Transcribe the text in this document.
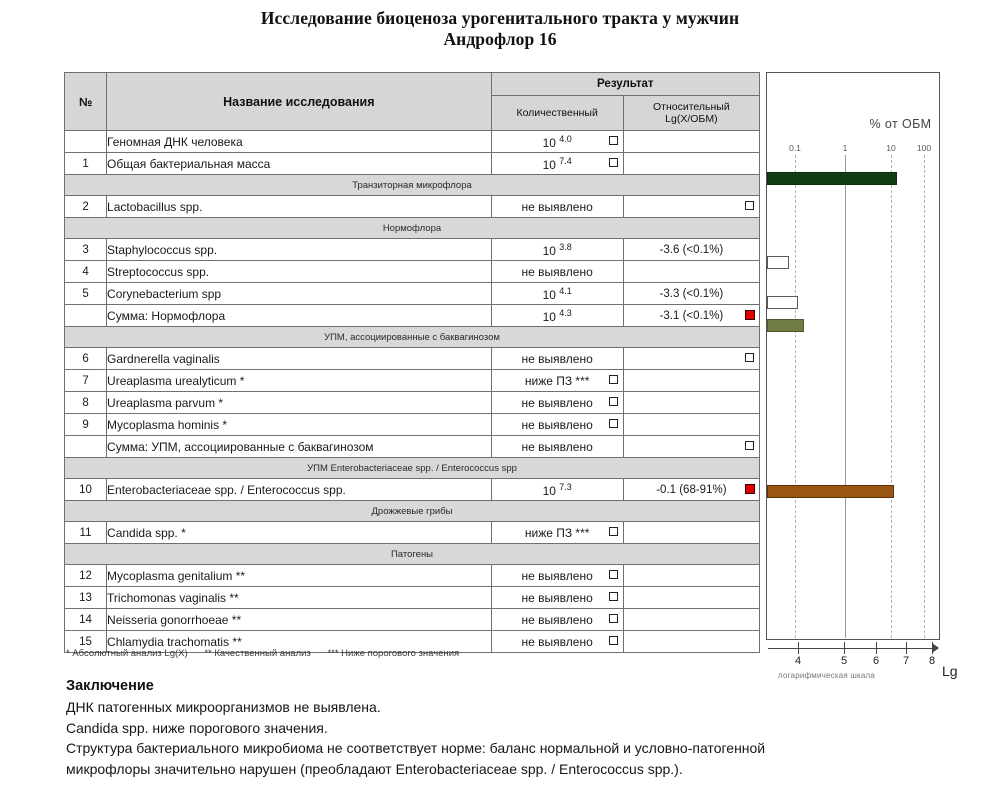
Исследование биоценоза урогенитального тракта у мужчин
Андрофлор 16
№	Название исследования	Результат	
		Количественный	Относительный
Lg(X/ОБМ)

	Геномная ДНК человека	10 $^{4.0}$

1	Общая бактериальная масса	10 $^{7.4}$

Транзиторная микрофлора			
2	Lactobacillus spp.	не выявлено	

Нормофлора			
3	Staphylococcus spp.	10 $^{3.8}$	-3.6 (<0.1%)

4	Streptococcus spp.	не выявлено	

5	Corynebacterium spp	10 $^{4.1}$	-3.3 (<0.1%)

	Сумма: Нормофлора	10 $^{4.3}$	-3.1 (<0.1%)

УПМ, ассоциированные с баквагинозом			
6	Gardnerella vaginalis	не выявлено	

7	Ureaplasma urealyticum *	ниже ПЗ ***	

8	Ureaplasma parvum *	не выявлено	

9	Mycoplasma hominis *	не выявлено	

	Сумма: УПМ, ассоциированные с баквагинозом	не выявлено	

УПМ Enterobacteriaceae spp. / Enterococcus spp			
10	Enterobacteriaceae spp. / Enterococcus spp.	10 $^{7.3}$	-0.1 (68-91%)

Дрожжевые грибы			
11	Candida spp. *	ниже ПЗ ***	

Патогены			
12	Mycoplasma genitalium **	не выявлено	

13	Trichomonas vaginalis **	не выявлено	

14	Neisseria gonorrhoeae **	не выявлено	

15	Chlamydia trachomatis **	не выявлено	

* Абсолютный анализ Lg(X) ** Качественный анализ *** Ниже порогового значения
% от ОБМ
0.1	1	10 100
логарифмическая шкала	Lg
4	5 6 7 8
Заключение
ДНК патогенных микроорганизмов не выявлена.
Candida spp. ниже порогового значения.
Структура бактериального микробиома не соответствует норме: баланс нормальной и условно-патогенной
микрофлоры значительно нарушен (преобладают Enterobacteriaceae spp. / Enterococcus spp.).
